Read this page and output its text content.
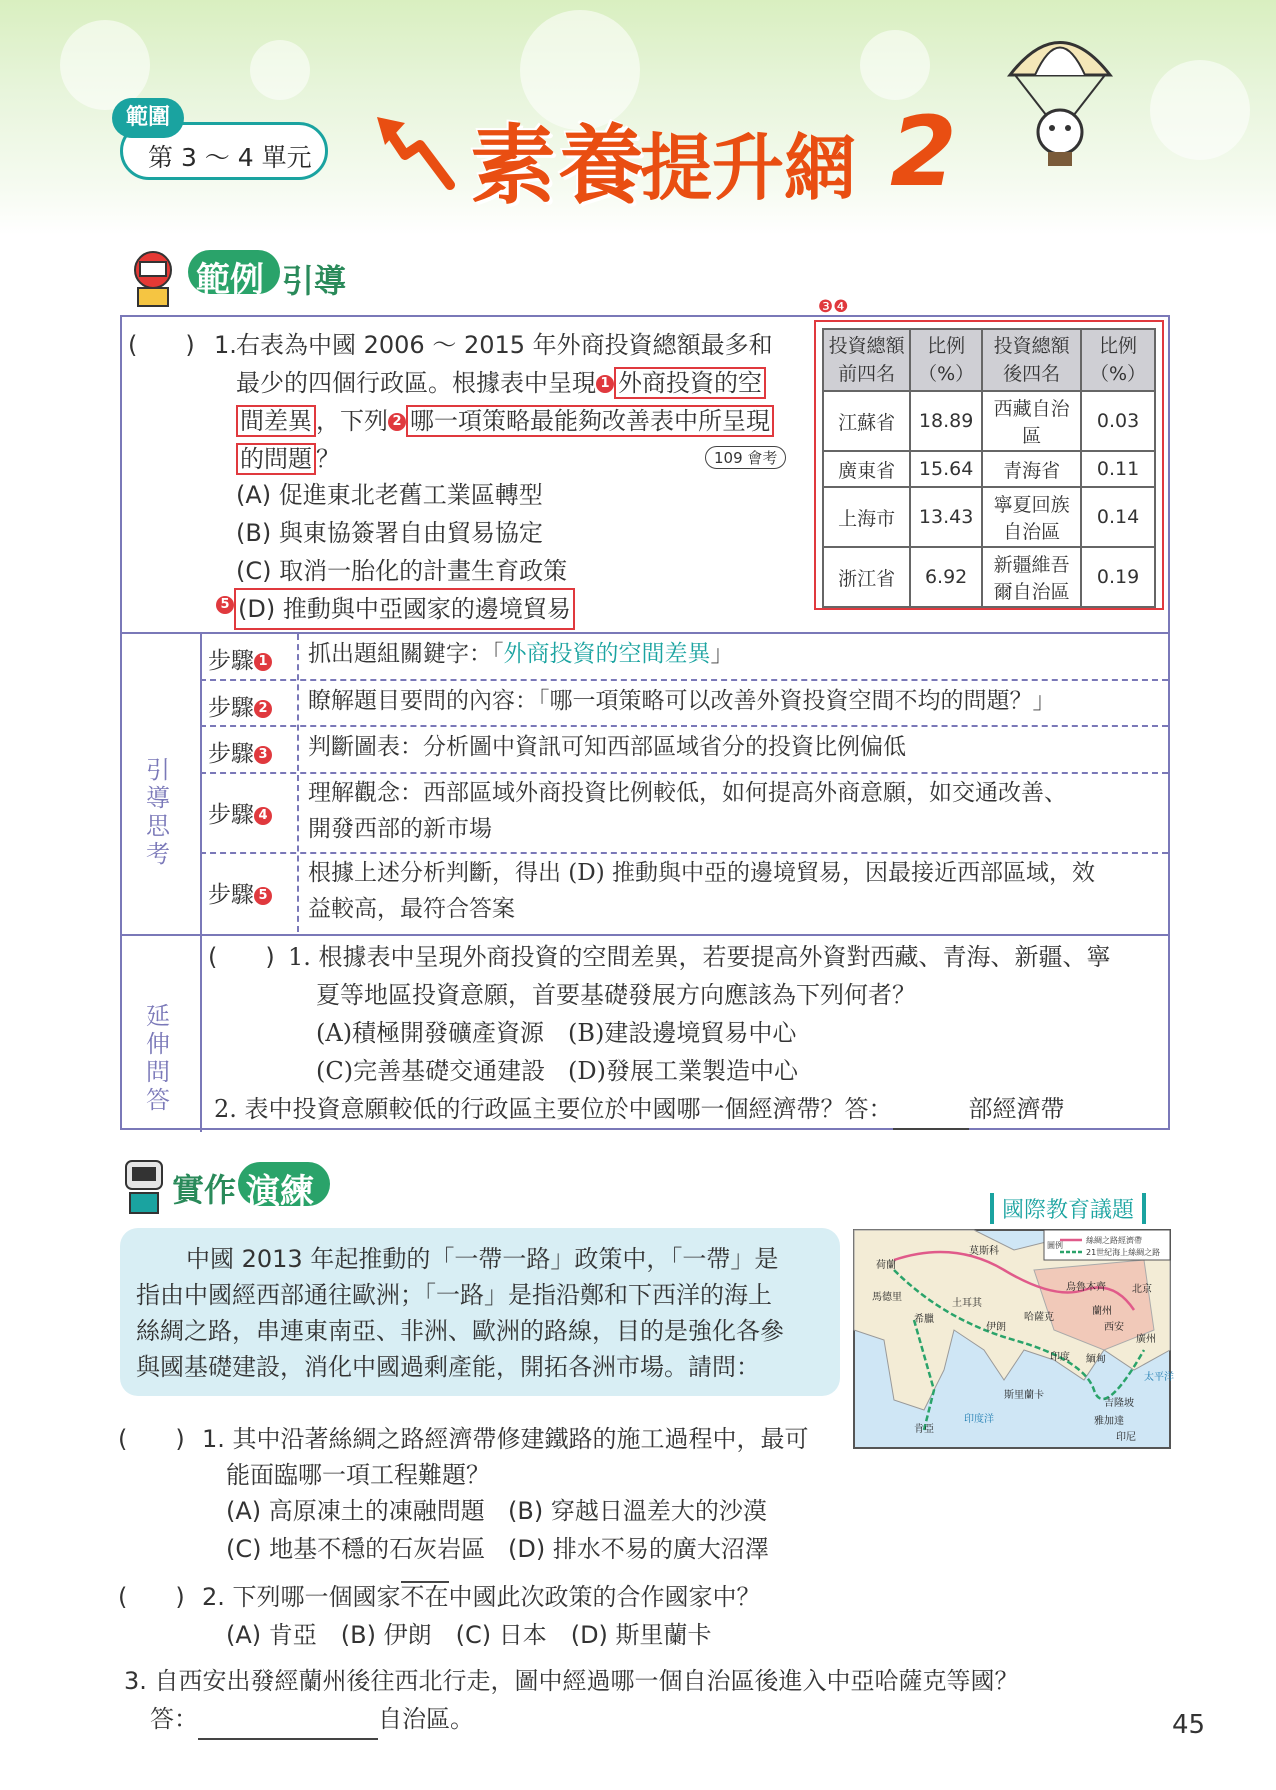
範圍
第 3 ～ 4 單元 素養
提升網 2
範例 引導
(　　) 1. 右表為中國 2006 ～ 2015 年外商投資總額最多和
最少的四個行政區。根據表中呈現 1 外商投資的空
間差異 ，下列 2 哪一項策略最能夠改善表中所呈現
的問題 ？	109 會考
(A) 促進東北老舊工業區轉型
(B) 與東協簽署自由貿易協定
(C) 取消一胎化的計畫生育政策
5 (D) 推動與中亞國家的邊境貿易
❸❹
投資總額前四名	比例（%）	投資總額後四名	比例（%）
江蘇省	18.89	西藏自治區	0.03
廣東省	15.64	青海省	0.11
上海市	13.43	寧夏回族自治區	0.14
浙江省	6.92	新疆維吾爾自治區	0.19
引導思考
延伸問答
步驟 1 抓出題組關鍵字：「外商投資的空間差異」
步驟 2 瞭解題目要問的內容：「哪一項策略可以改善外資投資空間不均的問題？」
步驟 3 判斷圖表：分析圖中資訊可知西部區域省分的投資比例偏低
步驟 4
理解觀念：西部區域外商投資比例較低，如何提高外商意願，如交通改善、
開發西部的新市場
步驟 5
根據上述分析判斷，得出 (D) 推動與中亞的邊境貿易，因最接近西部區域，效
益較高，最符合答案
(　　) 1. 根據表中呈現外商投資的空間差異，若要提高外資對西藏、青海、新疆、寧
夏等地區投資意願，首要基礎發展方向應該為下列何者？
(A)積極開發礦產資源 (B)建設邊境貿易中心
(C)完善基礎交通建設 (D)發展工業製造中心
2. 表中投資意願較低的行政區主要位於中國哪一個經濟帶？答：	部經濟帶
實作 演練	國際教育議題
中國 2013 年起推動的「一帶一路」政策中，「一帶」是
指由中國經西部通往歐洲；「一路」是指沿鄭和下西洋的海上
絲綢之路，串連東南亞、非洲、歐洲的路線，目的是強化各參
與國基礎建設，消化中國過剩產能，開拓各洲市場。請問：
圖例
絲綢之路經濟帶
21世紀海上絲綢之路
莫斯科
荷蘭
馬德里
希臘
土耳其
伊朗
哈薩克
烏魯木齊
蘭州
西安
北京
廣州
印度 緬甸
斯里蘭卡
肯亞
印度洋	雅加達
印尼
太平洋
吉隆坡
(　　) 1. 其中沿著絲綢之路經濟帶修建鐵路的施工過程中，最可
能面臨哪一項工程難題？
(A) 高原凍土的凍融問題 (B) 穿越日溫差大的沙漠
(C) 地基不穩的石灰岩區 (D) 排水不易的廣大沼澤
(　　) 2. 下列哪一個國家不在中國此次政策的合作國家中？
(A) 肯亞　(B) 伊朗　(C) 日本　(D) 斯里蘭卡
3. 自西安出發經蘭州後往西北行走，圖中經過哪一個自治區後進入中亞哈薩克等國？
答：	自治區。	45
